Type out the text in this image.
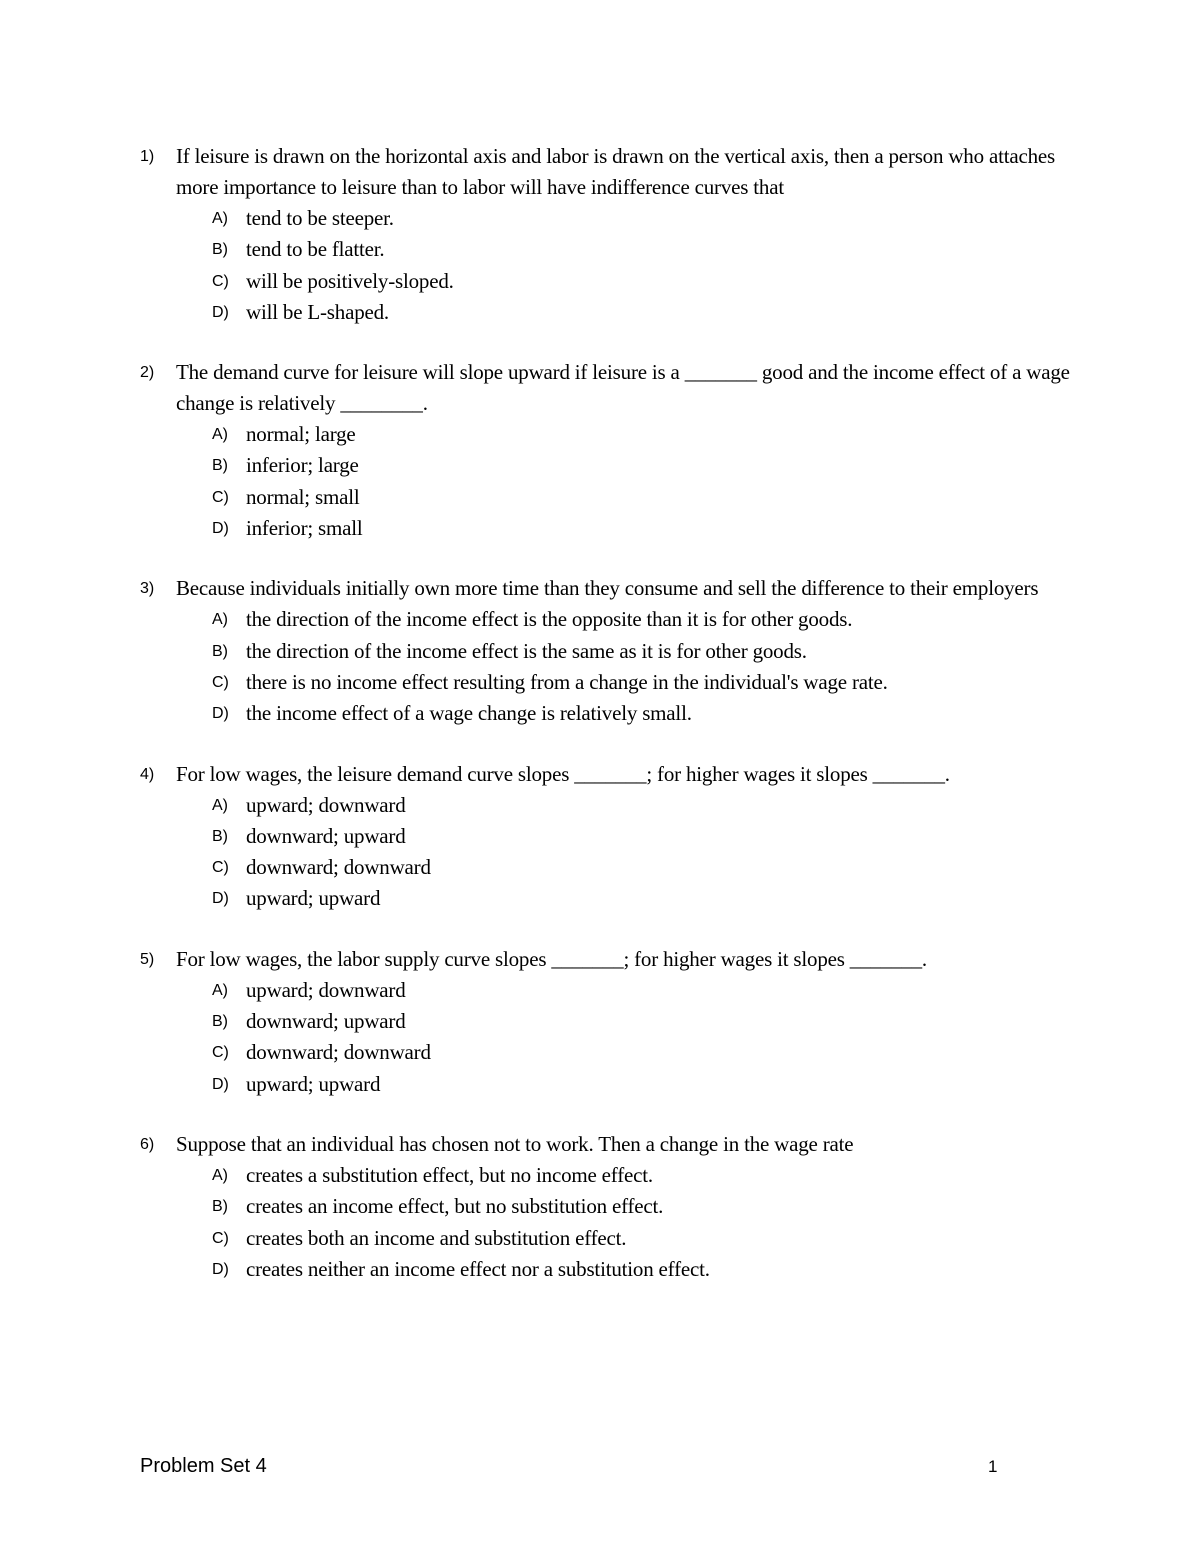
1) If leisure is drawn on the horizontal axis and labor is drawn on the vertical axis, then a person who attaches more importance to leisure than to labor will have indifference curves that
A) tend to be steeper.
B) tend to be flatter.
C) will be positively-sloped.
D) will be L-shaped.
2) The demand curve for leisure will slope upward if leisure is a _______ good and the income effect of a wage change is relatively ________.
A) normal; large
B) inferior; large
C) normal; small
D) inferior; small
3) Because individuals initially own more time than they consume and sell the difference to their employers
A) the direction of the income effect is the opposite than it is for other goods.
B) the direction of the income effect is the same as it is for other goods.
C) there is no income effect resulting from a change in the individual's wage rate.
D) the income effect of a wage change is relatively small.
4) For low wages, the leisure demand curve slopes _______; for higher wages it slopes _______.
A) upward; downward
B) downward; upward
C) downward; downward
D) upward; upward
5) For low wages, the labor supply curve slopes _______; for higher wages it slopes _______.
A) upward; downward
B) downward; upward
C) downward; downward
D) upward; upward
6) Suppose that an individual has chosen not to work. Then a change in the wage rate
A) creates a substitution effect, but no income effect.
B) creates an income effect, but no substitution effect.
C) creates both an income and substitution effect.
D) creates neither an income effect nor a substitution effect.
Problem Set 4	1
